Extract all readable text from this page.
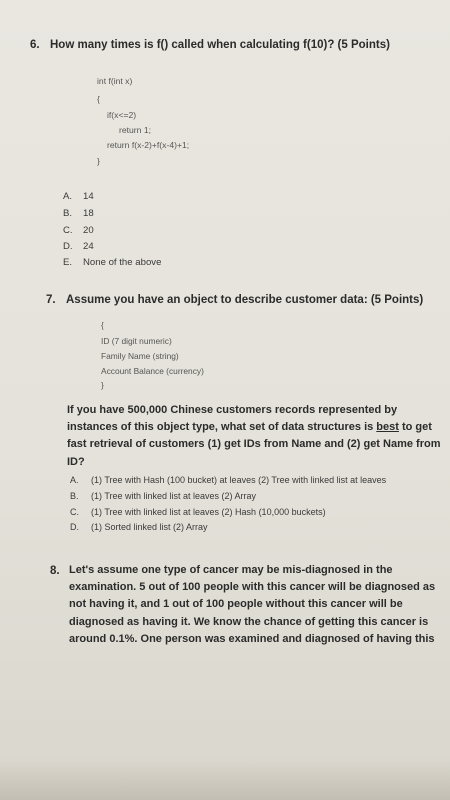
6. How many times is f() called when calculating f(10)? (5 Points)
int f(int x)
{
if(x<=2)
return 1;
return f(x-2)+f(x-4)+1;
}
A. 14
B. 18
C. 20
D. 24
E. None of the above
7. Assume you have an object to describe customer data: (5 Points)
{
ID (7 digit numeric)
Family Name (string)
Account Balance (currency)
}
If you have 500,000 Chinese customers records represented by instances of this object type, what set of data structures is best to get fast retrieval of customers (1) get IDs from Name and (2) get Name from ID?
A. (1) Tree with Hash (100 bucket) at leaves (2) Tree with linked list at leaves
B. (1) Tree with linked list at leaves (2) Array
C. (1) Tree with linked list at leaves (2) Hash (10,000 buckets)
D. (1) Sorted linked list (2) Array
8. Let's assume one type of cancer may be mis-diagnosed in the examination. 5 out of 100 people with this cancer will be diagnosed as not having it, and 1 out of 100 people without this cancer will be diagnosed as having it. We know the chance of getting this cancer is around 0.1%. One person was examined and diagnosed of having this
